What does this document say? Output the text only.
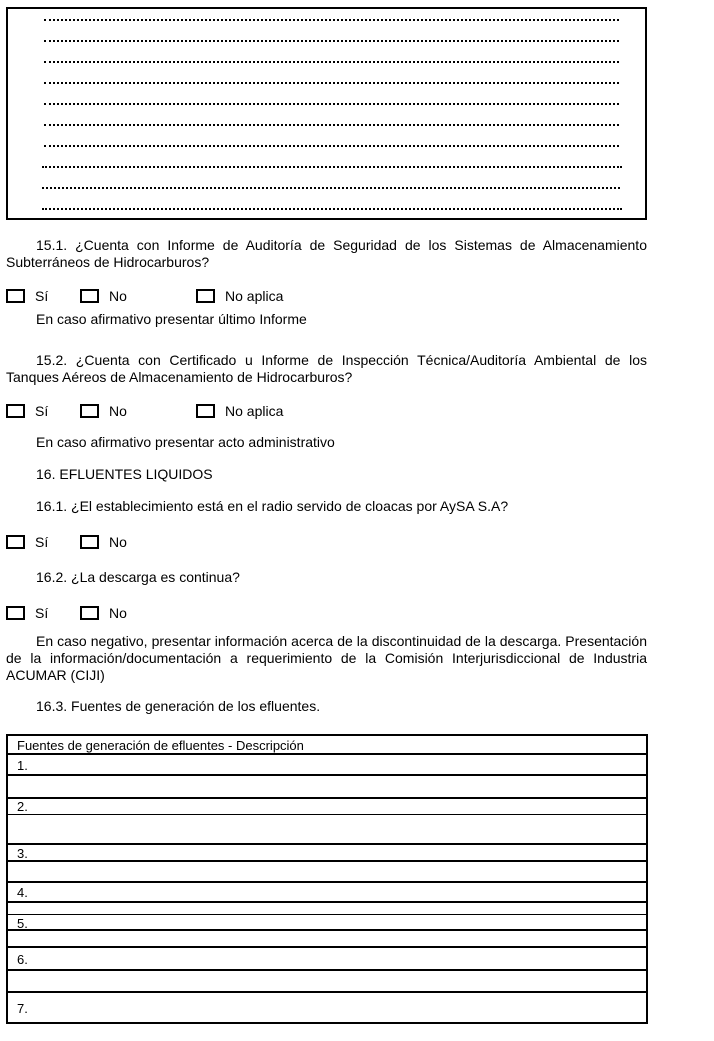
15.1. ¿Cuenta con Informe de Auditoría de Seguridad de los Sistemas de Almacenamiento Subterráneos de Hidrocarburos?
Sí	No	No aplica
En caso afirmativo presentar último Informe
15.2. ¿Cuenta con Certificado u Informe de Inspección Técnica/Auditoría Ambiental de los Tanques Aéreos de Almacenamiento de Hidrocarburos?
Sí	No	No aplica
En caso afirmativo presentar acto administrativo
16. EFLUENTES LIQUIDOS
16.1. ¿El establecimiento está en el radio servido de cloacas por AySA S.A?
Sí	No
16.2. ¿La descarga es continua?
Sí	No
En caso negativo, presentar información acerca de la discontinuidad de la descarga. Presentación de la información/documentación a requerimiento de la Comisión Interjurisdiccional de Industria ACUMAR (CIJI)
16.3. Fuentes de generación de los efluentes.
Fuentes de generación de efluentes - Descripción
1.
2.
3.
4.
5.
6.
7.
